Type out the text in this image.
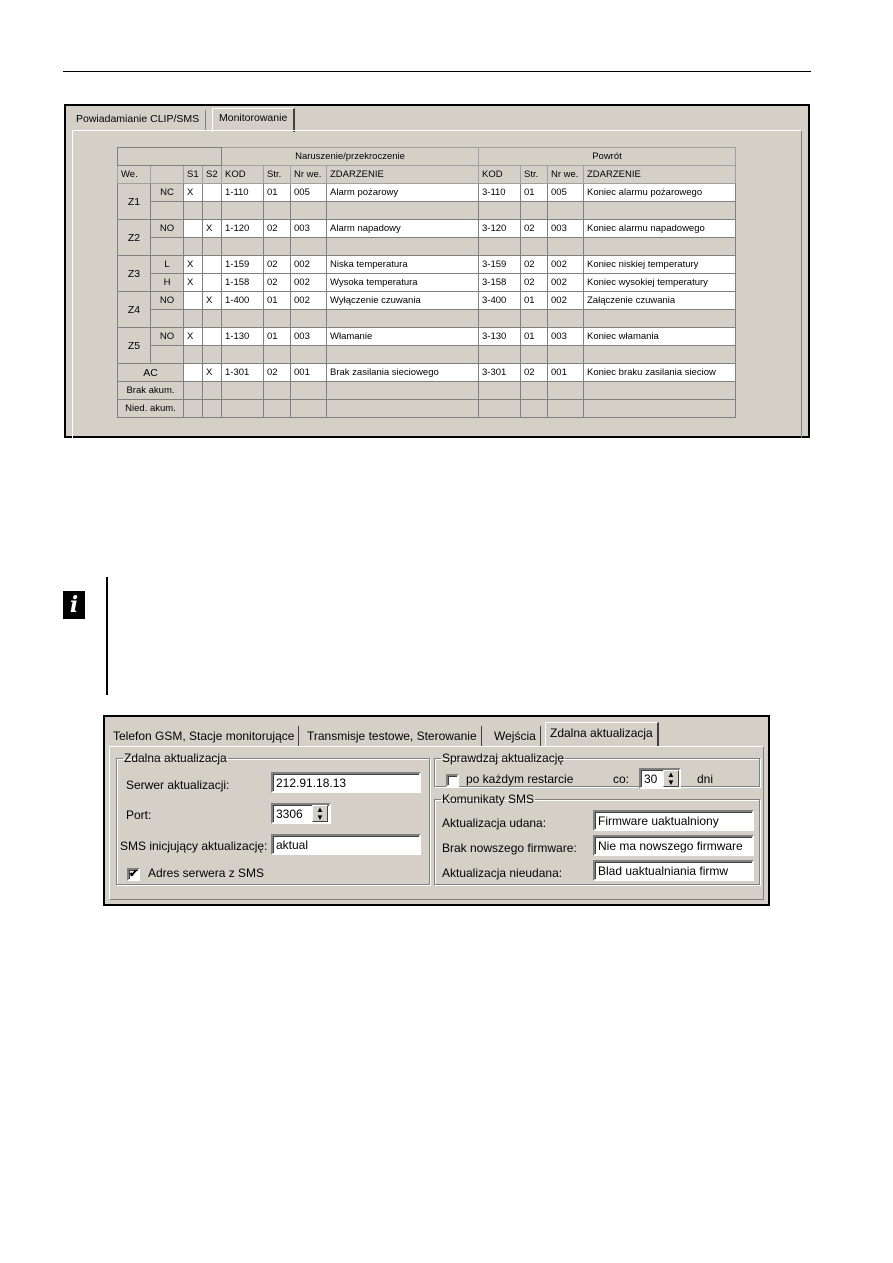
Powiadamianie CLIP/SMS	Monitorowanie
				Naruszenie/przekroczenie				Powrót			
We.		S1	S2	KOD	Str.	Nr we.	ZDARZENIE	KOD	Str.	Nr we.	ZDARZENIE
Z1	NC	X		1-110	01	005	Alarm pożarowy	3-110	01	005	Koniec alarmu pożarowego

Z2	NO		X	1-120	02	003	Alarm napadowy	3-120	02	003	Koniec alarmu napadowego

Z3	L	X		1-159	02	002	Niska temperatura	3-159	02	002	Koniec niskiej temperatury
	H	X		1-158	02	002	Wysoka temperatura	3-158	02	002	Koniec wysokiej temperatury
Z4	NO		X	1-400	01	002	Wyłączenie czuwania	3-400	01	002	Załączenie czuwania

Z5	NO	X		1-130	01	003	Włamanie	3-130	01	003	Koniec włamania

AC			X	1-301	02	001	Brak zasilania sieciowego	3-301	02	001	Koniec braku zasilania sieciow
Brak akum.											
Nied. akum.											
i
Telefon GSM, Stacje monitorujące	Transmisje testowe, Sterowanie	Wejścia	Zdalna aktualizacja
Zdalna aktualizacja
Serwer aktualizacji:	212.91.18.13
Port:	3306	▲
▼
SMS inicjujący aktualizację: aktual
✔ Adres serwera z SMS
Sprawdzaj aktualizację
po każdym restarcie	co:	30	▲
▼	dni
Komunikaty SMS
Aktualizacja udana:	Firmware uaktualniony
Brak nowszego firmware:	Nie ma nowszego firmware
Aktualizacja nieudana:	Blad uaktualniania firmw
